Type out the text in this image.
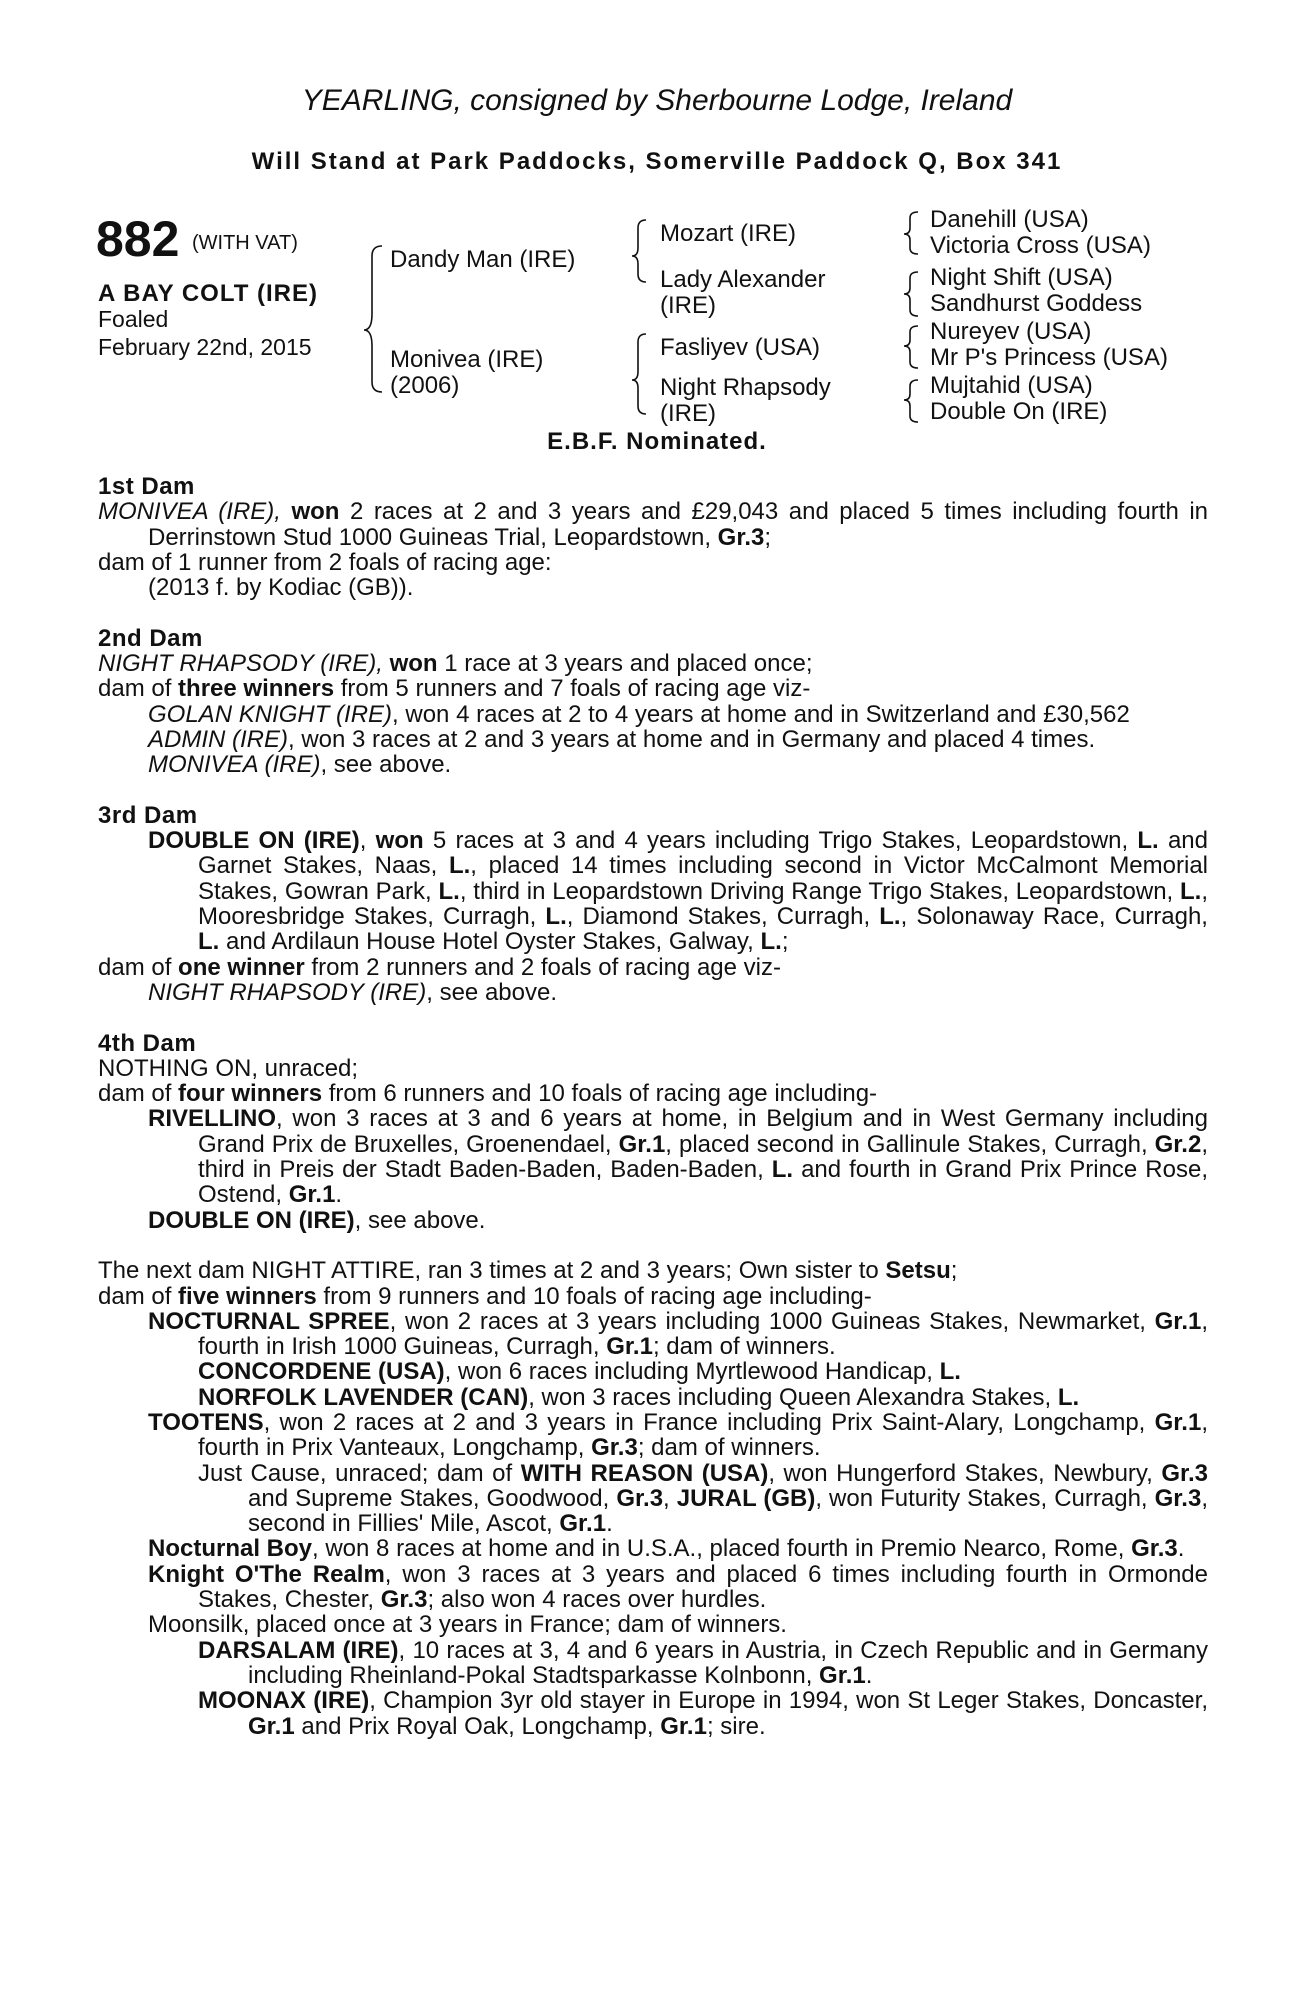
YEARLING, consigned by Sherbourne Lodge, Ireland
Will Stand at Park Paddocks, Somerville Paddock Q, Box 341
882 (WITH VAT)
A BAY COLT (IRE)
Foaled
February 22nd, 2015
Dandy Man (IRE)
Monivea (IRE)
(2006)
Mozart (IRE)
Lady Alexander
(IRE)
Fasliyev (USA)
Night Rhapsody
(IRE)
Danehill (USA)
Victoria Cross (USA)
Night Shift (USA)
Sandhurst Goddess
Nureyev (USA)
Mr P's Princess (USA)
Mujtahid (USA)
Double On (IRE)
E.B.F. Nominated.
1st Dam
MONIVEA (IRE), won 2 races at 2 and 3 years and £29,043 and placed 5 times including fourth in Derrinstown Stud 1000 Guineas Trial, Leopardstown, Gr.3;
dam of 1 runner from 2 foals of racing age:
(2013 f. by Kodiac (GB)).
2nd Dam
NIGHT RHAPSODY (IRE), won 1 race at 3 years and placed once;
dam of three winners from 5 runners and 7 foals of racing age viz-
GOLAN KNIGHT (IRE), won 4 races at 2 to 4 years at home and in Switzerland and £30,562
ADMIN (IRE), won 3 races at 2 and 3 years at home and in Germany and placed 4 times.
MONIVEA (IRE), see above.
3rd Dam
DOUBLE ON (IRE), won 5 races at 3 and 4 years including Trigo Stakes, Leopardstown, L. and Garnet Stakes, Naas, L., placed 14 times including second in Victor McCalmont Memorial Stakes, Gowran Park, L., third in Leopardstown Driving Range Trigo Stakes, Leopardstown, L., Mooresbridge Stakes, Curragh, L., Diamond Stakes, Curragh, L., Solonaway Race, Curragh, L. and Ardilaun House Hotel Oyster Stakes, Galway, L.;
dam of one winner from 2 runners and 2 foals of racing age viz-
NIGHT RHAPSODY (IRE), see above.
4th Dam
NOTHING ON, unraced;
dam of four winners from 6 runners and 10 foals of racing age including-
RIVELLINO, won 3 races at 3 and 6 years at home, in Belgium and in West Germany including Grand Prix de Bruxelles, Groenendael, Gr.1, placed second in Gallinule Stakes, Curragh, Gr.2, third in Preis der Stadt Baden-Baden, Baden-Baden, L. and fourth in Grand Prix Prince Rose, Ostend, Gr.1.
DOUBLE ON (IRE), see above.
The next dam NIGHT ATTIRE, ran 3 times at 2 and 3 years; Own sister to Setsu;
dam of five winners from 9 runners and 10 foals of racing age including-
NOCTURNAL SPREE, won 2 races at 3 years including 1000 Guineas Stakes, Newmarket, Gr.1, fourth in Irish 1000 Guineas, Curragh, Gr.1; dam of winners.
CONCORDENE (USA), won 6 races including Myrtlewood Handicap, L.
NORFOLK LAVENDER (CAN), won 3 races including Queen Alexandra Stakes, L.
TOOTENS, won 2 races at 2 and 3 years in France including Prix Saint-Alary, Longchamp, Gr.1, fourth in Prix Vanteaux, Longchamp, Gr.3; dam of winners.
Just Cause, unraced; dam of WITH REASON (USA), won Hungerford Stakes, Newbury, Gr.3 and Supreme Stakes, Goodwood, Gr.3, JURAL (GB), won Futurity Stakes, Curragh, Gr.3, second in Fillies' Mile, Ascot, Gr.1.
Nocturnal Boy, won 8 races at home and in U.S.A., placed fourth in Premio Nearco, Rome, Gr.3.
Knight O'The Realm, won 3 races at 3 years and placed 6 times including fourth in Ormonde Stakes, Chester, Gr.3; also won 4 races over hurdles.
Moonsilk, placed once at 3 years in France; dam of winners.
DARSALAM (IRE), 10 races at 3, 4 and 6 years in Austria, in Czech Republic and in Germany including Rheinland-Pokal Stadtsparkasse Kolnbonn, Gr.1.
MOONAX (IRE), Champion 3yr old stayer in Europe in 1994, won St Leger Stakes, Doncaster, Gr.1 and Prix Royal Oak, Longchamp, Gr.1; sire.
